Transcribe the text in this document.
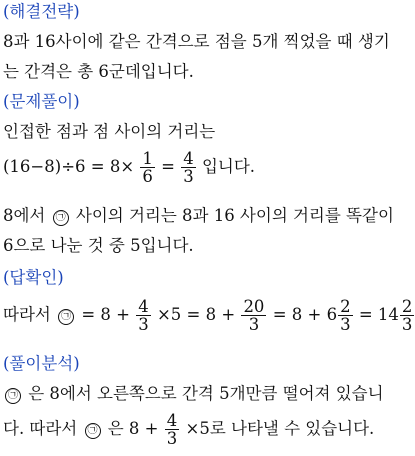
(해결전략)
8과 16사이에 같은 간격으로 점을 5개 찍었을 때 생기
는 간격은 총 6군데입니다.
(문제풀이)
인접한 점과 점 사이의 거리는
$(16-8)\div 6 = 8\times \frac{1}{6} = \frac{4}{3}$ 입니다.
8에서 ㉠ 사이의 거리는 8과 16 사이의 거리를 똑같이
6으로 나눈 것 중 5입니다.
(답확인)
따라서 ㉠ = $8 + \frac{4}{3} \times 5 = 8 + \frac{20}{3} = 8 + 6 \frac{2}{3} = 14 \frac{2}{3}$
(풀이분석)
㉠ 은 8에서 오른쪽으로 간격 5개만큼 떨어져 있습니
다. 따라서 ㉠ 은 $8 + \frac{4}{3} \times 5$로 나타낼 수 있습니다.
